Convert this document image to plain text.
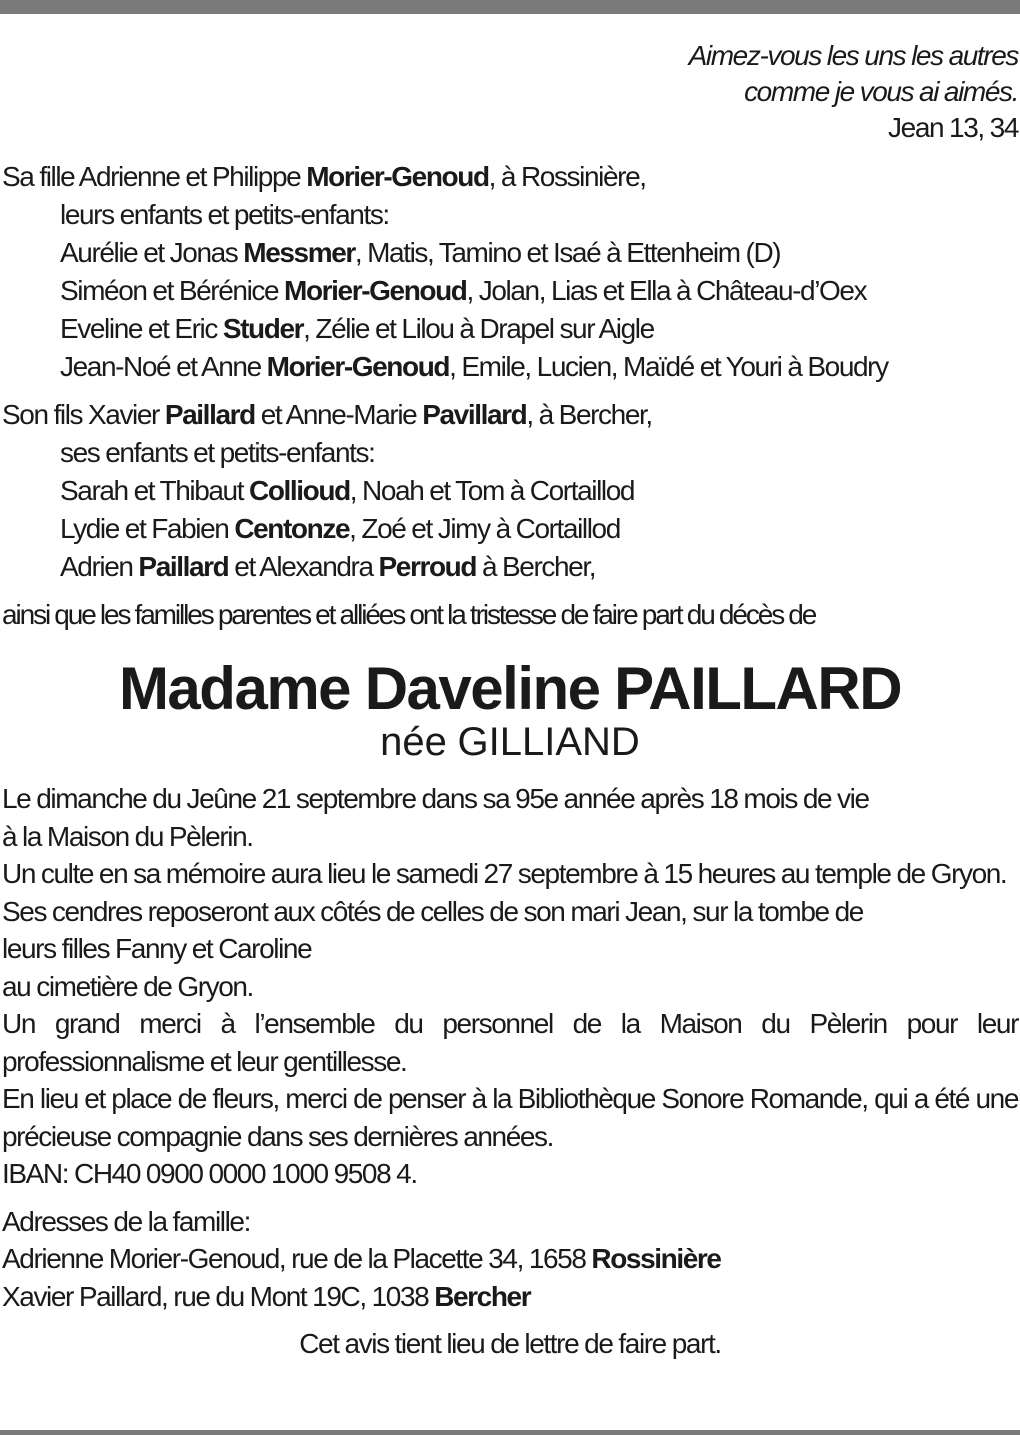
Aimez-vous les uns les autres
comme je vous ai aimés.
Jean 13, 34
Sa fille Adrienne et Philippe Morier-Genoud, à Rossinière,
leurs enfants et petits-enfants:
Aurélie et Jonas Messmer, Matis, Tamino et Isaé à Ettenheim (D)
Siméon et Bérénice Morier-Genoud, Jolan, Lias et Ella à Château-d’Oex
Eveline et Eric Studer, Zélie et Lilou à Drapel sur Aigle
Jean-Noé et Anne Morier-Genoud, Emile, Lucien, Maïdé et Youri à Boudry
Son fils Xavier Paillard et Anne-Marie Pavillard, à Bercher,
ses enfants et petits-enfants:
Sarah et Thibaut Collioud, Noah et Tom à Cortaillod
Lydie et Fabien Centonze, Zoé et Jimy à Cortaillod
Adrien Paillard et Alexandra Perroud à Bercher,
ainsi que les familles parentes et alliées ont la tristesse de faire part du décès de
Madame Daveline PAILLARD
née GILLIAND
Le dimanche du Jeûne 21 septembre dans sa 95e année après 18 mois de vie
à la Maison du Pèlerin.
Un culte en sa mémoire aura lieu le samedi 27 septembre à 15 heures au temple de Gryon.
Ses cendres reposeront aux côtés de celles de son mari Jean, sur la tombe de
leurs filles Fanny et Caroline
au cimetière de Gryon.
Un grand merci à l’ensemble du personnel de la Maison du Pèlerin pour leur professionnalisme et leur gentillesse.
En lieu et place de fleurs, merci de penser à la Bibliothèque Sonore Romande, qui a été une précieuse compagnie dans ses dernières années.
IBAN: CH40 0900 0000 1000 9508 4.
Adresses de la famille:
Adrienne Morier-Genoud, rue de la Placette 34, 1658 Rossinière
Xavier Paillard, rue du Mont 19C, 1038 Bercher
Cet avis tient lieu de lettre de faire part.
